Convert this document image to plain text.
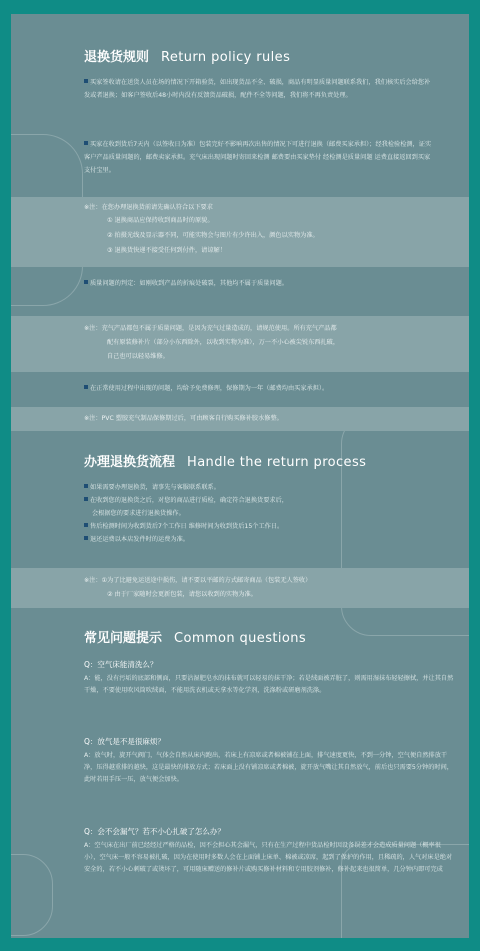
退换货规则 Return policy rules
买家签收请在送货人员在场的情况下开箱验货，如出现货品不全、破损，商品有明显质量问题联系我们，我们核实后会给您补发或者退换；如客户签收后48小时内没有反馈货品破损，配件不全等问题，我们将不再负责处理。
买家在收到货后7天内（以签收日为准）包装完好不影响再次出售的情况下可进行退换（邮费买家承担）；经我检验检测，证实客户产品质量问题的，邮费卖家承担。充气床出现问题时寄回来检测 邮费要由买家垫付 经检测是质量问题 运费直接返回到买家支付宝里。
※注：在您办理退换货前请先确认符合以下要求
① 退换商品应保持收到商品时的原貌。
② 拍摄光线及显示器不同，可能实物会与图片有少许出入，颜色以实物为准。
③ 退换货快递不接受任何到付件，请谅解！
质量问题的判定：如刚收到产品的折痕处破裂，其他均不属于质量问题。
※注：充气产品都包不属于质量问题，是因为充气过量造成的，请规范使用。所有充气产品都
配有原装修补片（部分小东西除外，以收到实物为准），万一不小心被尖锐东西扎破，
自己也可以轻易维修。
在正常使用过程中出现的问题，均给予免费修理，保修期为一年（邮费均由买家承担）。
※注：PVC 塑胶充气制品保修期过后，可由顾客自行购买修补胶水修整。
办理退换货流程 Handle the return process
如果需要办理退换货，请事先与客服联系联系。
在收到您的退换货之后，对您的商品进行质检，确定符合退换货要求后，
会根据您的要求进行退换货操作。
售后检测时间为收到货后7个工作日 维修时间为收到货后15个工作日。
退还运费以本店发件时的运费为准。
※注：①为了比避免运送途中损伤，请不要以平邮的方式邮寄商品（包装无人签收）
② 由于厂家随时会更新包装，请您以收到的实物为准。
常见问题提示 Common questions
Q：空气床能清洗么？
A：能，没有污垢的底部和侧面，只要沾湿肥皂水的抹布就可以轻易的抹干净；若是绒面被弄脏了，则需用湿抹布轻轻擦拭，并让其自然干燥，不要使用吹风筒吹绒面，不能用洗衣机或天拿水等化学剂，洗涤粉或研磨剂洗涤。
Q：放气是不是很麻烦？
A：放气时，旋开气阀门，气体会自然从床内跑出，若床上有凉席或者棉被铺在上面，排气速度更快，不到一分钟，空气便自然排放干净，压得越重排的越快，这是最快的排放方式；若床面上没有铺凉席或者棉被，旋开放气嘴让其自然放气，前后也只需要5分钟的时间，此时若用手压一压，放气便会加快。
Q：会不会漏气？若不小心扎破了怎么办？
A：空气床在出厂前已经经过严格的品检，因不会担心其会漏气，只有在生产过程中货品检时因设备误差才会造成质量问题（概率很小），空气床一般不容易被扎破，因为在使用时多数人会在上面铺上床单、棉被或凉席，起到了保护的作用，且稀疏的，人气对床是绝对安全的，若不小心刺破了或烫坏了，可用随床赠送的修补片或购买修补材料和专用胶剂修补，修补起来也很简单，几分钟内即可完成
